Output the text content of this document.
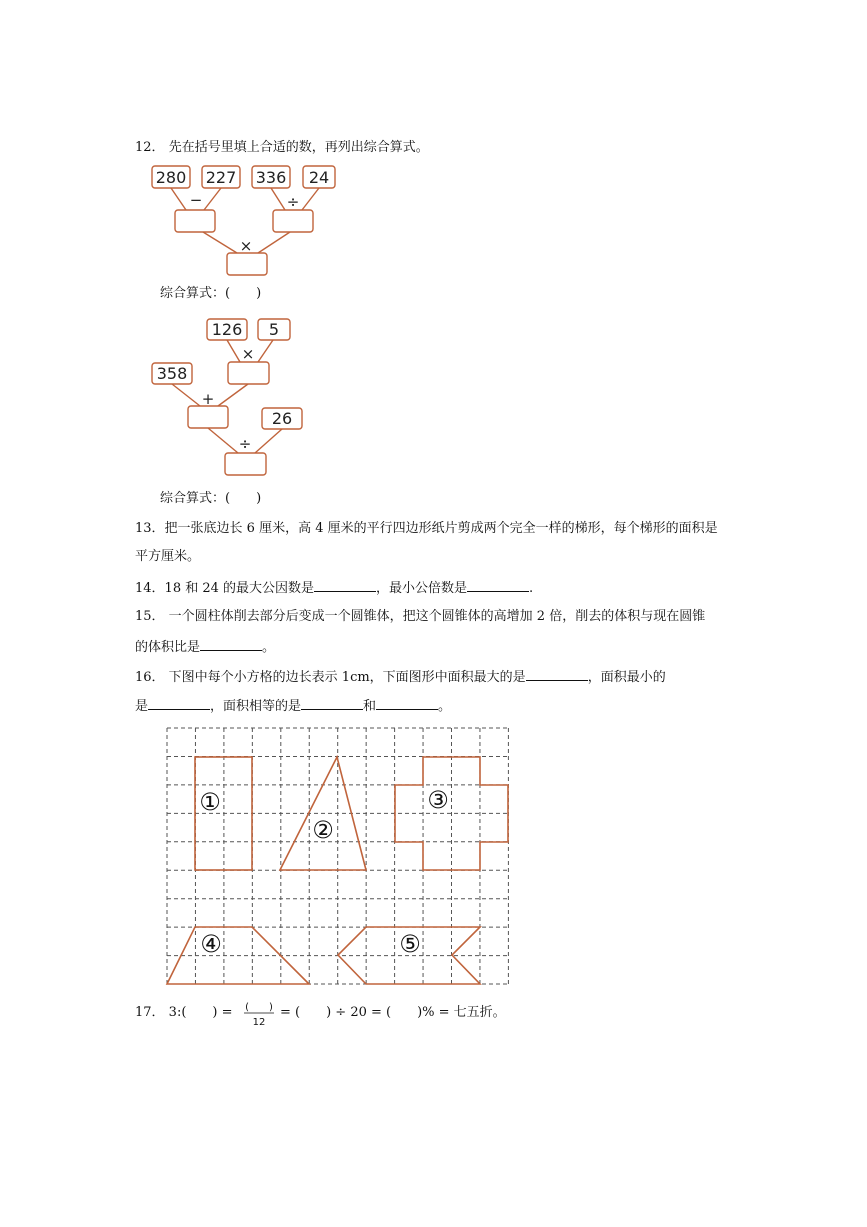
12． 先在括号里填上合适的数，再列出综合算式。
280 227 336 24
−	÷
×
126 5
358
26
×
+
÷
①
②
③
④	⑤
(　　)
12
综合算式：(　　)
综合算式：(　　)
13．把一张底边长 6 厘米，高 4 厘米的平行四边形纸片剪成两个完全一样的梯形，每个梯形的面积是
平方厘米。
14．18 和 24 的最大公因数是	，最小公倍数是	.
15． 一个圆柱体削去部分后变成一个圆锥体，把这个圆锥体的高增加 2 倍，削去的体积与现在圆锥
的体积比是	。
16． 下图中每个小方格的边长表示 1cm，下面图形中面积最大的是	，面积最小的
是	，面积相等的是	和	。
17． 3:(　　) =	= (　　) ÷ 20 = (　　)% = 七五折。
